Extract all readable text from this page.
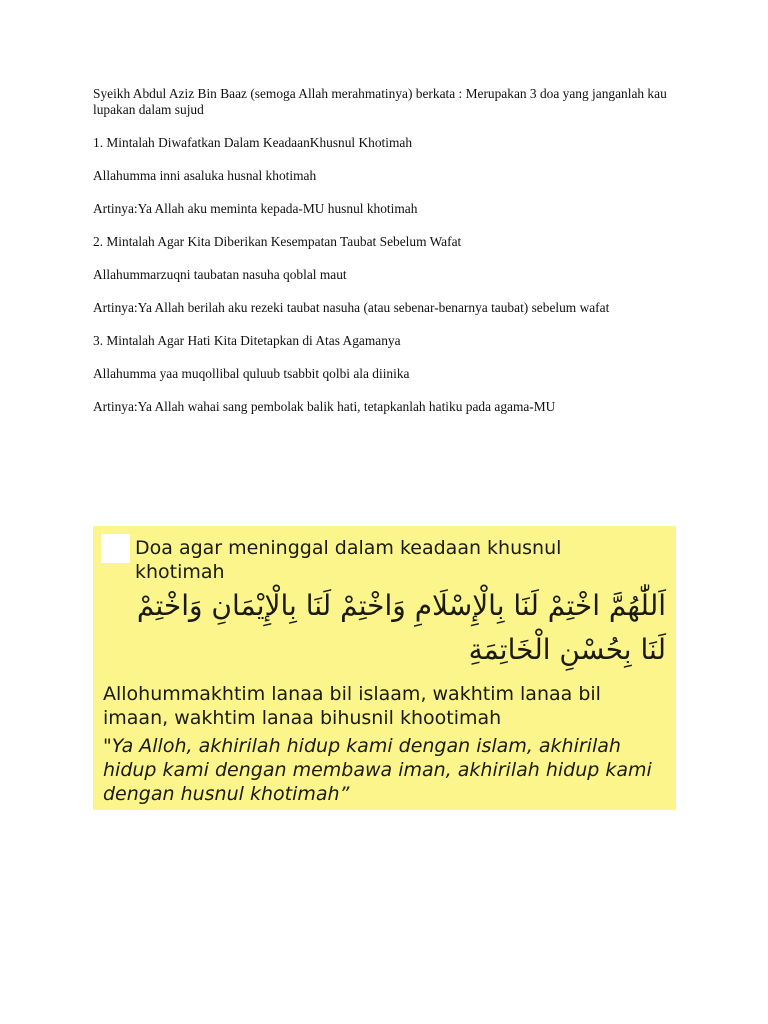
Syeikh Abdul Aziz Bin Baaz (semoga Allah merahmatinya) berkata : Merupakan 3 doa yang janganlah kau lupakan dalam sujud

1. Mintalah Diwafatkan Dalam KeadaanKhusnul Khotimah

Allahumma inni asaluka husnal khotimah

Artinya:Ya Allah aku meminta kepada-MU husnul khotimah

2. Mintalah Agar Kita Diberikan Kesempatan Taubat Sebelum Wafat

Allahummarzuqni taubatan nasuha qoblal maut

Artinya:Ya Allah berilah aku rezeki taubat nasuha (atau sebenar-benarnya taubat) sebelum wafat

3. Mintalah Agar Hati Kita Ditetapkan di Atas Agamanya

Allahumma yaa muqollibal quluub tsabbit qolbi ala diinika

Artinya:Ya Allah wahai sang pembolak balik hati, tetapkanlah hatiku pada agama-MU

Doa agar meninggal dalam keadaan khusnul khotimah
اَللّٰهُمَّ اخْتِمْ لَنَا بِالْإِسْلَامِ وَاخْتِمْ لَنَا بِالْإِيْمَانِ وَاخْتِمْ لَنَا بِحُسْنِ الْخَاتِمَةِ
Allohummakhtim lanaa bil islaam, wakhtim lanaa bil imaan, wakhtim lanaa bihusnil khootimah
"Ya Alloh, akhirilah hidup kami dengan islam, akhirilah hidup kami dengan membawa iman, akhirilah hidup kami dengan husnul khotimah”
